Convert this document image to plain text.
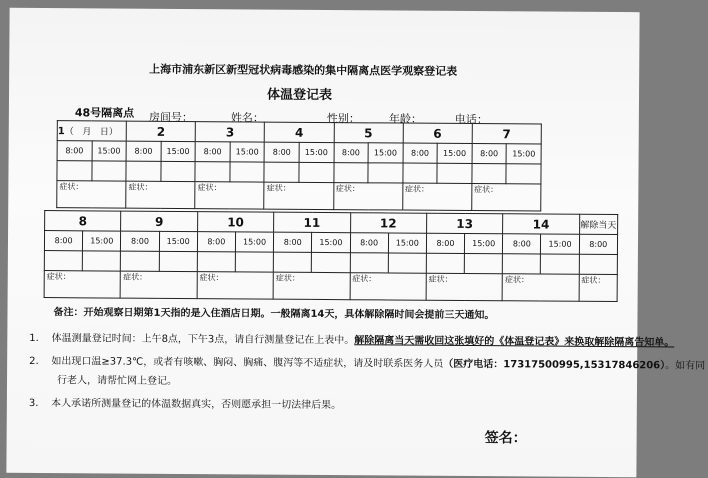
上海市浦东新区新型冠状病毒感染的集中隔离点医学观察登记表
体温登记表
48号隔离点 房间号：	姓名：	性别：	年龄：	电话：
1（ 月 日）		2		3		4		5		6		7	
8:00	15:00	8:00	15:00	8:00	15:00	8:00	15:00	8:00	15:00	8:00	15:00	8:00	15:00

症状：		症状：		症状：		症状：		症状：		症状：		症状：	
8		9		10		11		12		13		14		解除当天
8:00	15:00	8:00	15:00	8:00	15:00	8:00	15:00	8:00	15:00	8:00	15:00	8:00	15:00	8:00

症状：		症状：		症状：		症状：		症状：		症状：		症状：		症状：
备注：开始观察日期第1天指的是入住酒店日期。一般隔离14天，具体解除隔时间会提前三天通知。
1. 体温测量登记时间：上午8点，下午3点，请自行测量登记在上表中。解除隔离当天需收回这张填好的《体温登记表》来换取解除隔离告知单。
2. 如出现口温≥37.3℃，或者有咳嗽、胸闷、胸痛、腹泻等不适症状，请及时联系医务人员（医疗电话：17317500995,15317846206）。如有同
行老人，请帮忙网上登记。
3. 本人承诺所测量登记的体温数据真实，否则愿承担一切法律后果。
签名：
